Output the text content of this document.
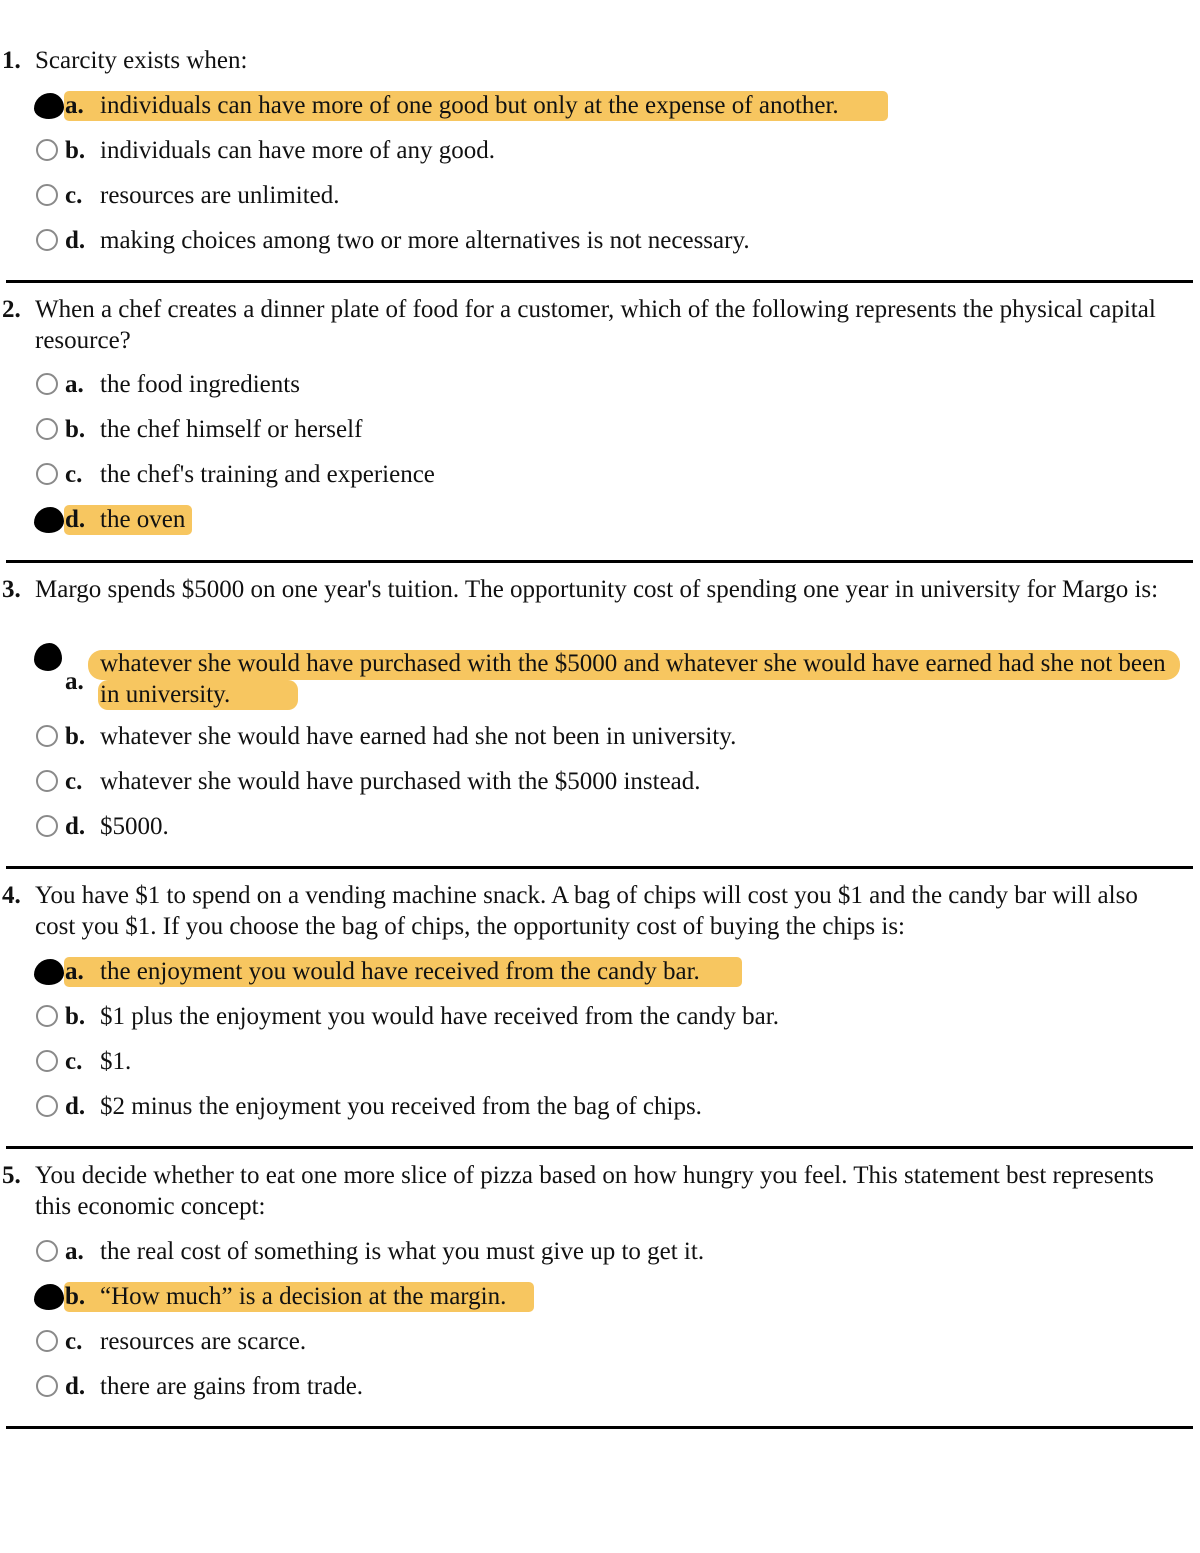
1. Scarcity exists when:
a. individuals can have more of one good but only at the expense of another.
b. individuals can have more of any good.
c. resources are unlimited.
d. making choices among two or more alternatives is not necessary.
2. When a chef creates a dinner plate of food for a customer, which of the following represents the physical capital resource?
a. the food ingredients
b. the chef himself or herself
c. the chef's training and experience
d. the oven
3. Margo spends $5000 on one year's tuition. The opportunity cost of spending one year in university for Margo is:
a.
whatever she would have purchased with the $5000 and whatever she would have earned had she not been in university.
b. whatever she would have earned had she not been in university.
c. whatever she would have purchased with the $5000 instead.
d. $5000.
4. You have $1 to spend on a vending machine snack. A bag of chips will cost you $1 and the candy bar will also cost you $1. If you choose the bag of chips, the opportunity cost of buying the chips is:
a. the enjoyment you would have received from the candy bar.
b. $1 plus the enjoyment you would have received from the candy bar.
c. $1.
d. $2 minus the enjoyment you received from the bag of chips.
5. You decide whether to eat one more slice of pizza based on how hungry you feel. This statement best represents this economic concept:
a. the real cost of something is what you must give up to get it.
b. “How much” is a decision at the margin.
c. resources are scarce.
d. there are gains from trade.
